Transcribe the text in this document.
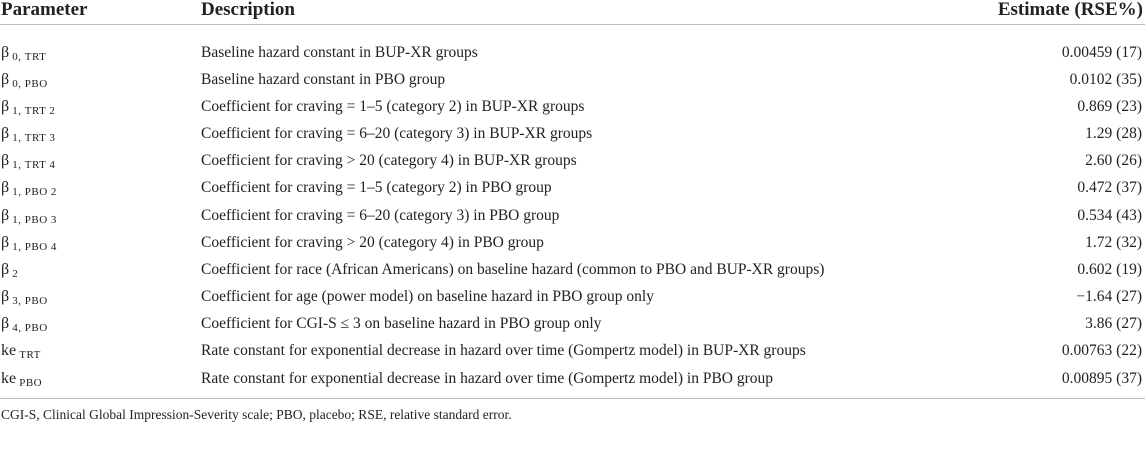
Parameter	Description	Estimate (RSE%)
β  $_{0, TRT}$	Baseline hazard constant in BUP-XR groups	0.00459 (17)
β  $_{0, PBO}$	Baseline hazard constant in PBO group	0.0102 (35)
β  $_{1, TRT 2}$	Coefficient for craving = 1–5 (category 2) in BUP-XR groups	0.869 (23)
β  $_{1, TRT 3}$	Coefficient for craving = 6–20 (category 3) in BUP-XR groups	1.29 (28)
β  $_{1, TRT 4}$	Coefficient for craving > 20 (category 4) in BUP-XR groups	2.60 (26)
β  $_{1, PBO 2}$	Coefficient for craving = 1–5 (category 2) in PBO group	0.472 (37)
β  $_{1, PBO 3}$	Coefficient for craving = 6–20 (category 3) in PBO group	0.534 (43)
β  $_{1, PBO 4}$	Coefficient for craving > 20 (category 4) in PBO group	1.72 (32)
β  $_2$	Coefficient for race (African Americans) on baseline hazard (common to PBO and BUP-XR groups)	0.602 (19)
β  $_{3, PBO}$	Coefficient for age (power model) on baseline hazard in PBO group only	−1.64 (27)
β  $_{4, PBO}$	Coefficient for CGI-S ≤ 3 on baseline hazard in PBO group only	3.86 (27)
ke  $_{TRT}$	Rate constant for exponential decrease in hazard over time (Gompertz model) in BUP-XR groups	0.00763 (22)
ke  $_{PBO}$	Rate constant for exponential decrease in hazard over time (Gompertz model) in PBO group	0.00895 (37)
CGI-S, Clinical Global Impression-Severity scale; PBO, placebo; RSE, relative standard error.
